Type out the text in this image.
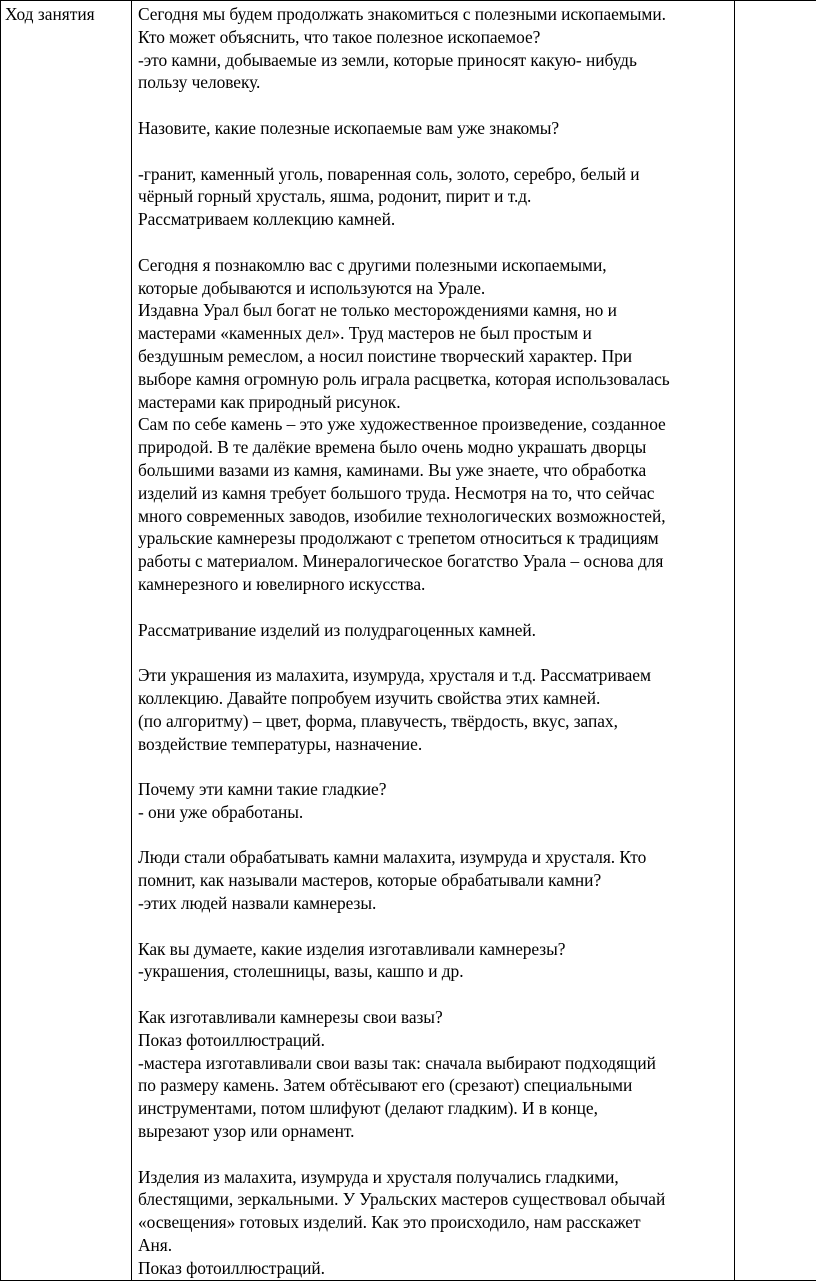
Ход занятия	Сегодня мы будем продолжать знакомиться с полезными ископаемыми.
Кто может объяснить, что такое полезное ископаемое?
-это камни, добываемые из земли, которые приносят какую- нибудь
пользу человеку.
Назовите, какие полезные ископаемые вам уже знакомы?
-гранит, каменный уголь, поваренная соль, золото, серебро, белый и
чёрный горный хрусталь, яшма, родонит, пирит и т.д.
Рассматриваем коллекцию камней.
Сегодня я познакомлю вас с другими полезными ископаемыми,
которые добываются и используются на Урале.
Издавна Урал был богат не только месторождениями камня, но и
мастерами «каменных дел». Труд мастеров не был простым и
бездушным ремеслом, а носил поистине творческий характер. При
выборе камня огромную роль играла расцветка, которая использовалась
мастерами как природный рисунок.
Сам по себе камень – это уже художественное произведение, созданное
природой. В те далёкие времена было очень модно украшать дворцы
большими вазами из камня, каминами. Вы уже знаете, что обработка
изделий из камня требует большого труда. Несмотря на то, что сейчас
много современных заводов, изобилие технологических возможностей,
уральские камнерезы продолжают с трепетом относиться к традициям
работы с материалом. Минералогическое богатство Урала – основа для
камнерезного и ювелирного искусства.
Рассматривание изделий из полудрагоценных камней.
Эти украшения из малахита, изумруда, хрусталя и т.д. Рассматриваем
коллекцию. Давайте попробуем изучить свойства этих камней.
(по алгоритму) – цвет, форма, плавучесть, твёрдость, вкус, запах,
воздействие температуры, назначение.
Почему эти камни такие гладкие?
- они уже обработаны.
Люди стали обрабатывать камни малахита, изумруда и хрусталя. Кто
помнит, как называли мастеров, которые обрабатывали камни?
-этих людей назвали камнерезы.
Как вы думаете, какие изделия изготавливали камнерезы?
-украшения, столешницы, вазы, кашпо и др.
Как изготавливали камнерезы свои вазы?
Показ фотоиллюстраций.
-мастера изготавливали свои вазы так: сначала выбирают подходящий
по размеру камень. Затем обтёсывают его (срезают) специальными
инструментами, потом шлифуют (делают гладким). И в конце,
вырезают узор или орнамент.
Изделия из малахита, изумруда и хрусталя получались гладкими,
блестящими, зеркальными. У Уральских мастеров существовал обычай
«освещения» готовых изделий. Как это происходило, нам расскажет
Аня.
Показ фотоиллюстраций.
